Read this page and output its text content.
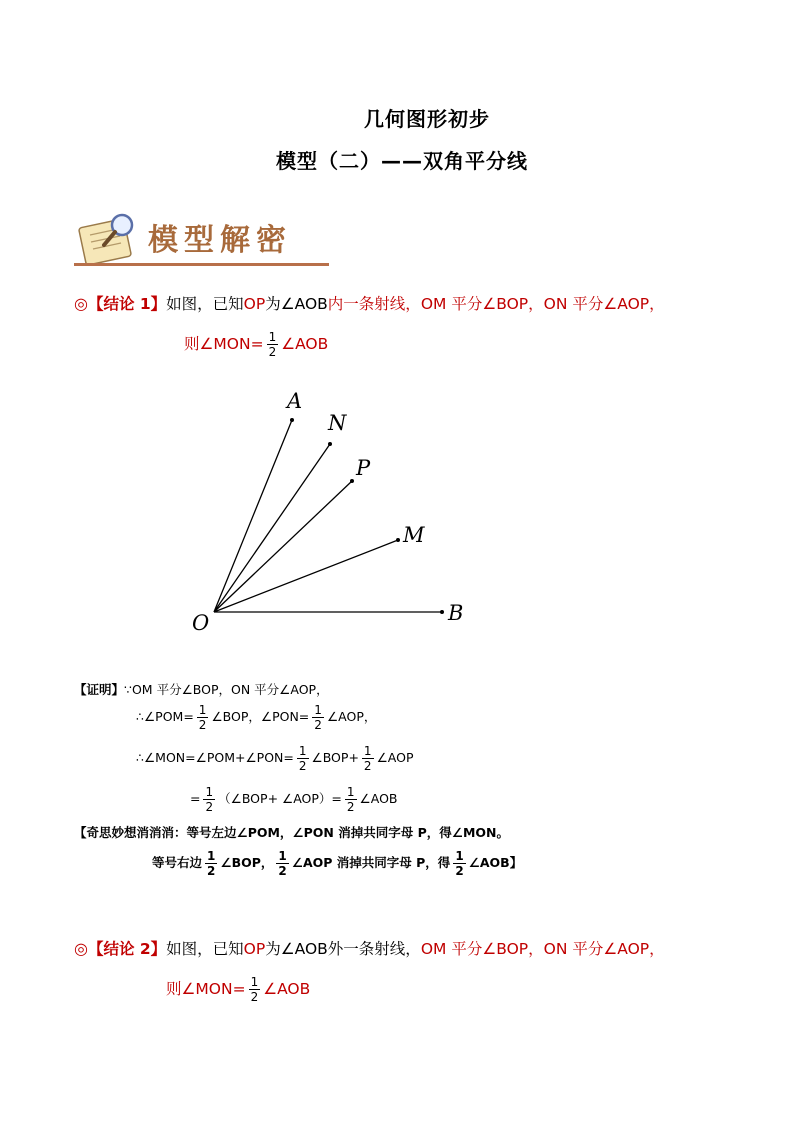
几何图形初步
模型（二）——双角平分线
模型解密
◎【结论 1】如图，已知OP为∠AOB内一条射线，OM 平分∠BOP，ON 平分∠AOP，
则∠MON= $\frac{1}{2}$ ∠AOB
A
N
P
M
O	B
【证明】∵OM 平分∠BOP，ON 平分∠AOP，
∴∠POM= $\frac{1}{2}$ ∠BOP，∠PON= $\frac{1}{2}$ ∠AOP，
∴∠MON=∠POM+∠PON= $\frac{1}{2}$ ∠BOP+ $\frac{1}{2}$ ∠AOP
= $\frac{1}{2}$ （∠BOP+ ∠AOP）= $\frac{1}{2}$ ∠AOB
【奇思妙想消消消：等号左边∠POM，∠PON 消掉共同字母 P，得∠MON。
等号右边 $\frac{1}{2}$ ∠BOP， $\frac{1}{2}$ ∠AOP 消掉共同字母 P，得 $\frac{1}{2}$ ∠AOB】
◎【结论 2】如图，已知OP为∠AOB外一条射线，OM 平分∠BOP，ON 平分∠AOP，
则∠MON= $\frac{1}{2}$ ∠AOB
